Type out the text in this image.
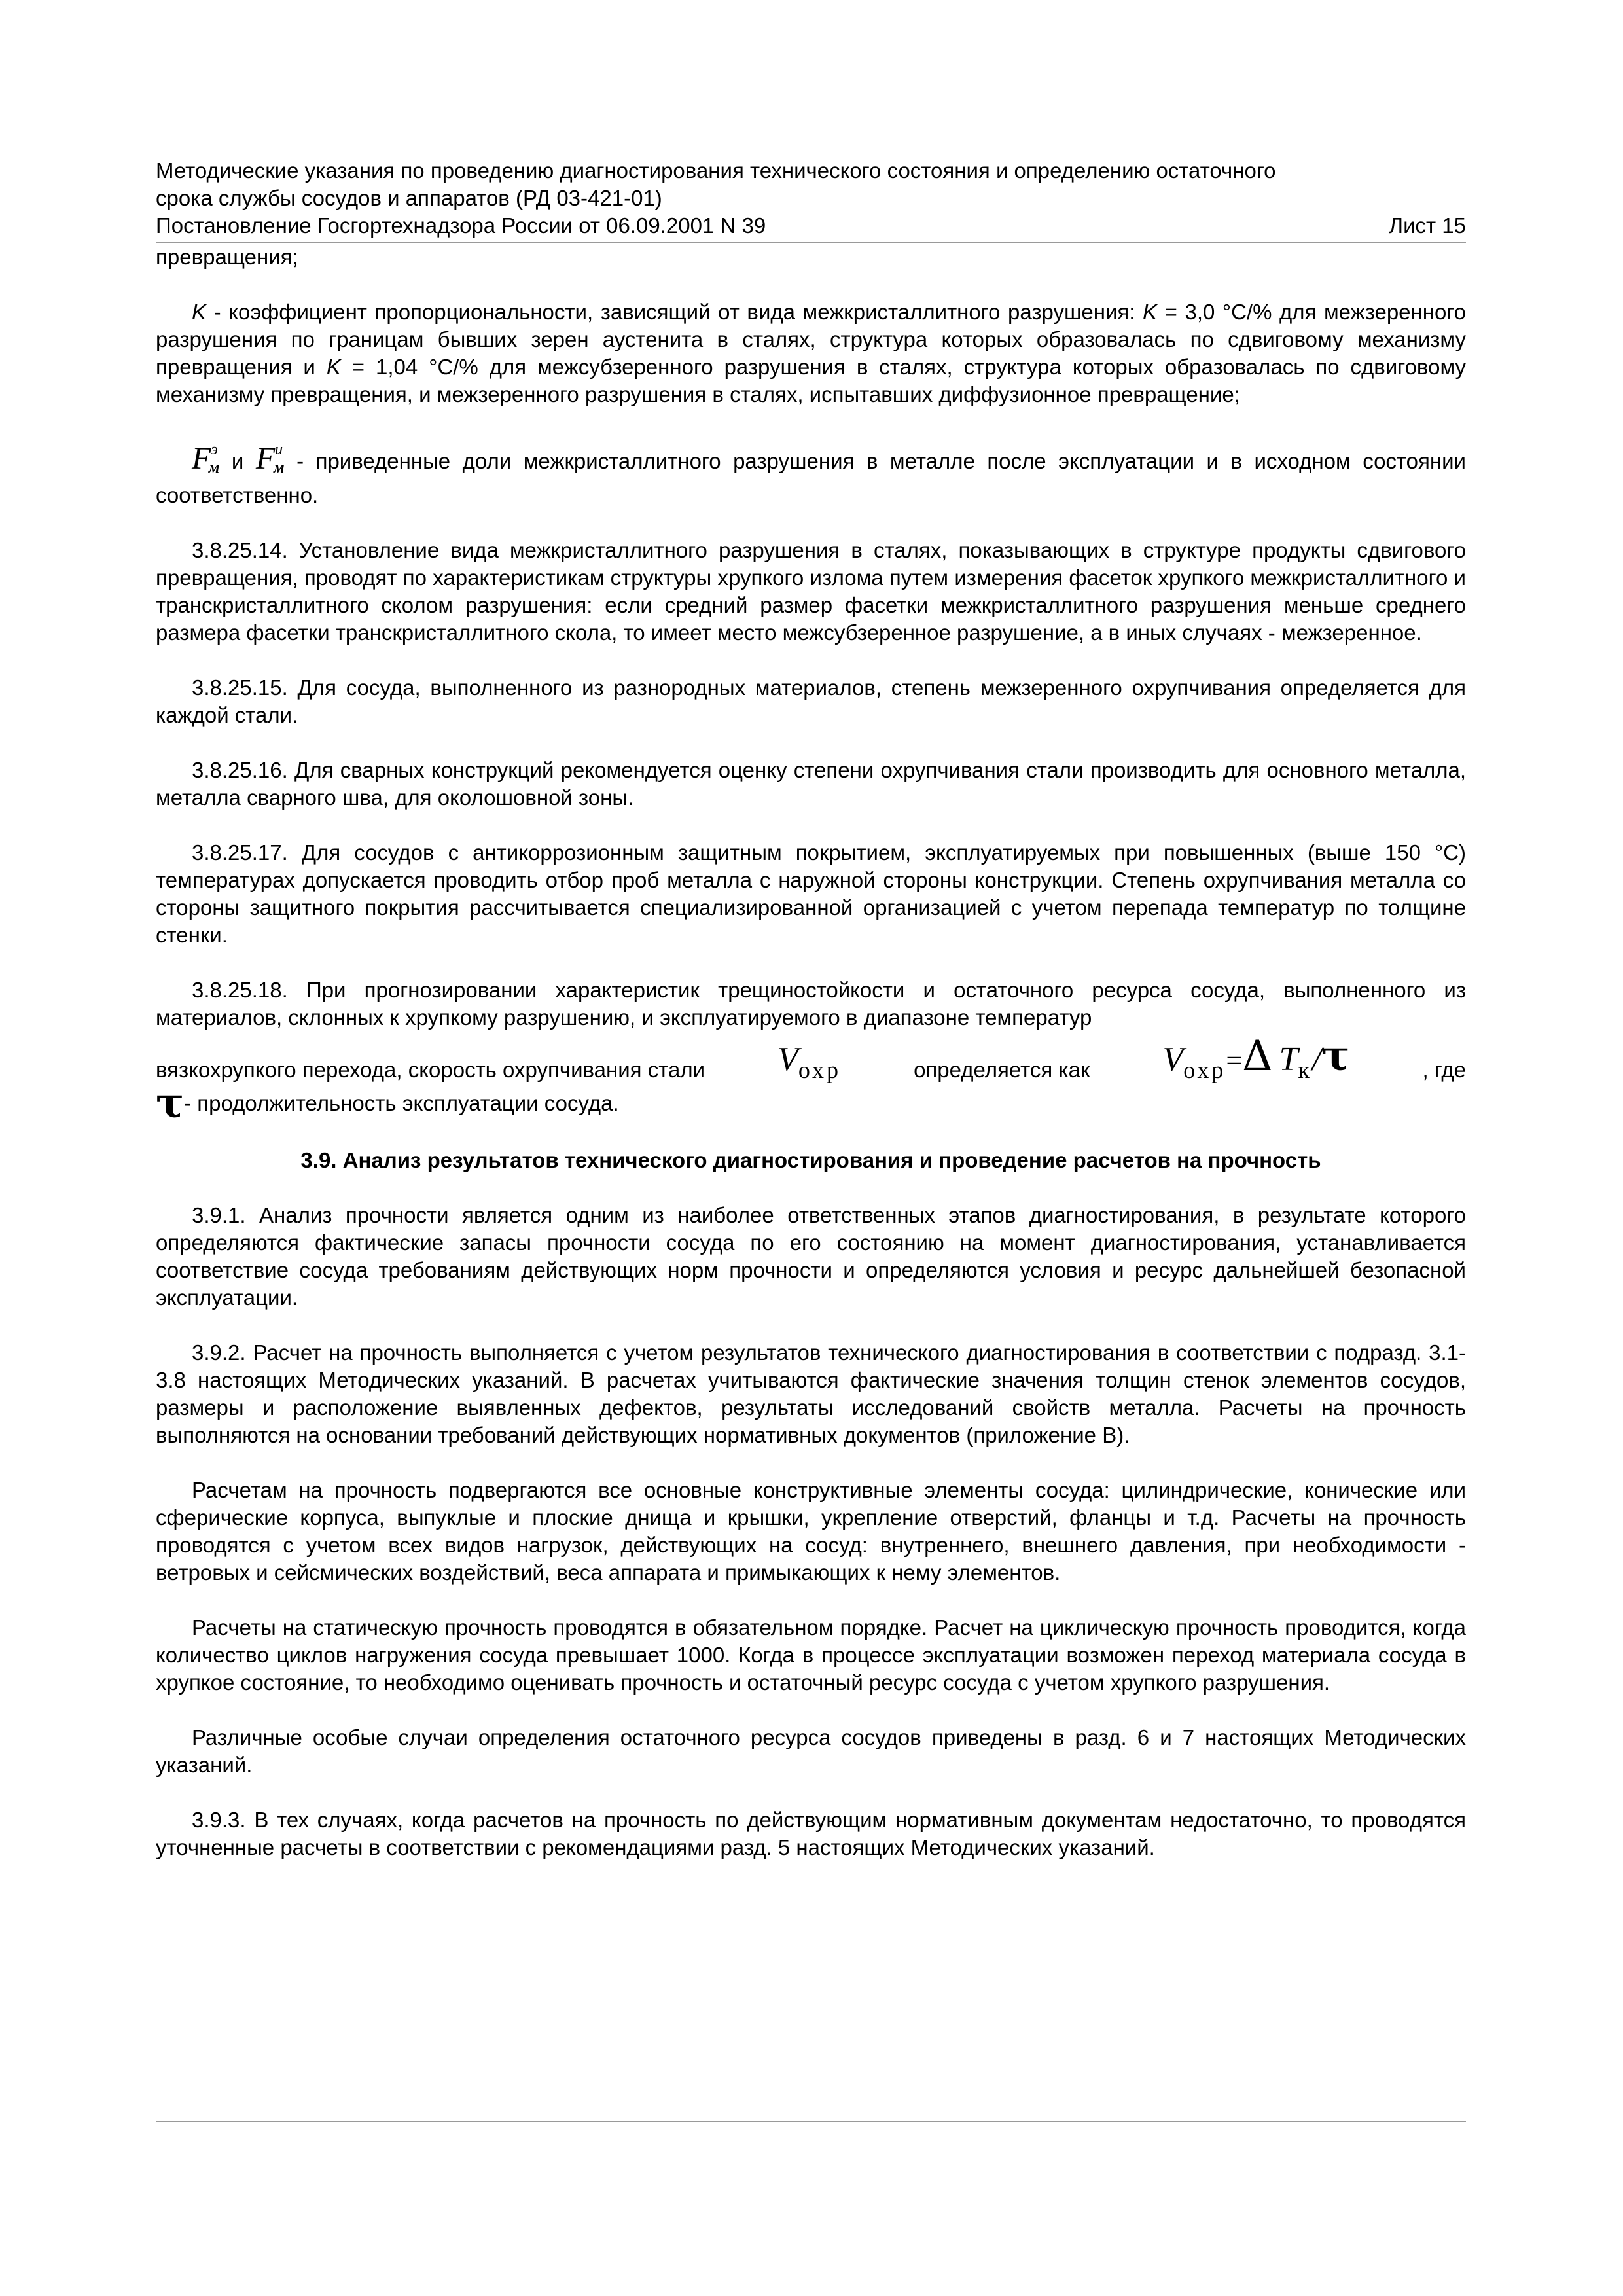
Методические указания по проведению диагностирования технического состояния и определению остаточного
срока службы сосудов и аппаратов (РД 03-421-01)
Постановление Госгортехнадзора России от 06.09.2001 N 39	Лист 15

превращения;

K - коэффициент пропорциональности, зависящий от вида межкристаллитного разрушения: K = 3,0 °С/% для межзеренного разрушения по границам бывших зерен аустенита в сталях, структура которых образовалась по сдвиговому механизму превращения и K = 1,04 °С/% для межсубзеренного разрушения в сталях, структура которых образовалась по сдвиговому механизму превращения, и межзеренного разрушения в сталях, испытавших диффузионное превращение;

$F^эм$ и $F^им$ - приведенные доли межкристаллитного разрушения в металле после эксплуатации и в исходном состоянии соответственно.

3.8.25.14. Установление вида межкристаллитного разрушения в сталях, показывающих в структуре продукты сдвигового превращения, проводят по характеристикам структуры хрупкого излома путем измерения фасеток хрупкого межкристаллитного и транскристаллитного сколом разрушения: если средний размер фасетки межкристаллитного разрушения меньше среднего размера фасетки транскристаллитного скола, то имеет место межсубзеренное разрушение, а в иных случаях - межзеренное.

3.8.25.15. Для сосуда, выполненного из разнородных материалов, степень межзеренного охрупчивания определяется для каждой стали.

3.8.25.16. Для сварных конструкций рекомендуется оценку степени охрупчивания стали производить для основного металла, металла сварного шва, для околошовной зоны.

3.8.25.17. Для сосудов с антикоррозионным защитным покрытием, эксплуатируемых при повышенных (выше 150 °С) температурах допускается проводить отбор проб металла с наружной стороны конструкции. Степень охрупчивания металла со стороны защитного покрытия рассчитывается специализированной организацией с учетом перепада температур по толщине стенки.

3.8.25.18. При прогнозировании характеристик трещиностойкости и остаточного ресурса сосуда, выполненного из материалов, склонных к хрупкому разрушению, и эксплуатируемого в диапазоне температур

вязкохрупкого перехода, скорость охрупчивания стали Vохр	определяется как Vохр=Δ Tк/τ	, где
τ - продолжительность эксплуатации сосуда.

3.9. Анализ результатов технического диагностирования и проведение расчетов на прочность

3.9.1. Анализ прочности является одним из наиболее ответственных этапов диагностирования, в результате которого определяются фактические запасы прочности сосуда по его состоянию на момент диагностирования, устанавливается соответствие сосуда требованиям действующих норм прочности и определяются условия и ресурс дальнейшей безопасной эксплуатации.

3.9.2. Расчет на прочность выполняется с учетом результатов технического диагностирования в соответствии с подразд. 3.1-3.8 настоящих Методических указаний. В расчетах учитываются фактические значения толщин стенок элементов сосудов, размеры и расположение выявленных дефектов, результаты исследований свойств металла. Расчеты на прочность выполняются на основании требований действующих нормативных документов (приложение В).

Расчетам на прочность подвергаются все основные конструктивные элементы сосуда: цилиндрические, конические или сферические корпуса, выпуклые и плоские днища и крышки, укрепление отверстий, фланцы и т.д. Расчеты на прочность проводятся с учетом всех видов нагрузок, действующих на сосуд: внутреннего, внешнего давления, при необходимости - ветровых и сейсмических воздействий, веса аппарата и примыкающих к нему элементов.

Расчеты на статическую прочность проводятся в обязательном порядке. Расчет на циклическую прочность проводится, когда количество циклов нагружения сосуда превышает 1000. Когда в процессе эксплуатации возможен переход материала сосуда в хрупкое состояние, то необходимо оценивать прочность и остаточный ресурс сосуда с учетом хрупкого разрушения.

Различные особые случаи определения остаточного ресурса сосудов приведены в разд. 6 и 7 настоящих Методических указаний.

3.9.3. В тех случаях, когда расчетов на прочность по действующим нормативным документам недостаточно, то проводятся уточненные расчеты в соответствии с рекомендациями разд. 5 настоящих Методических указаний.
